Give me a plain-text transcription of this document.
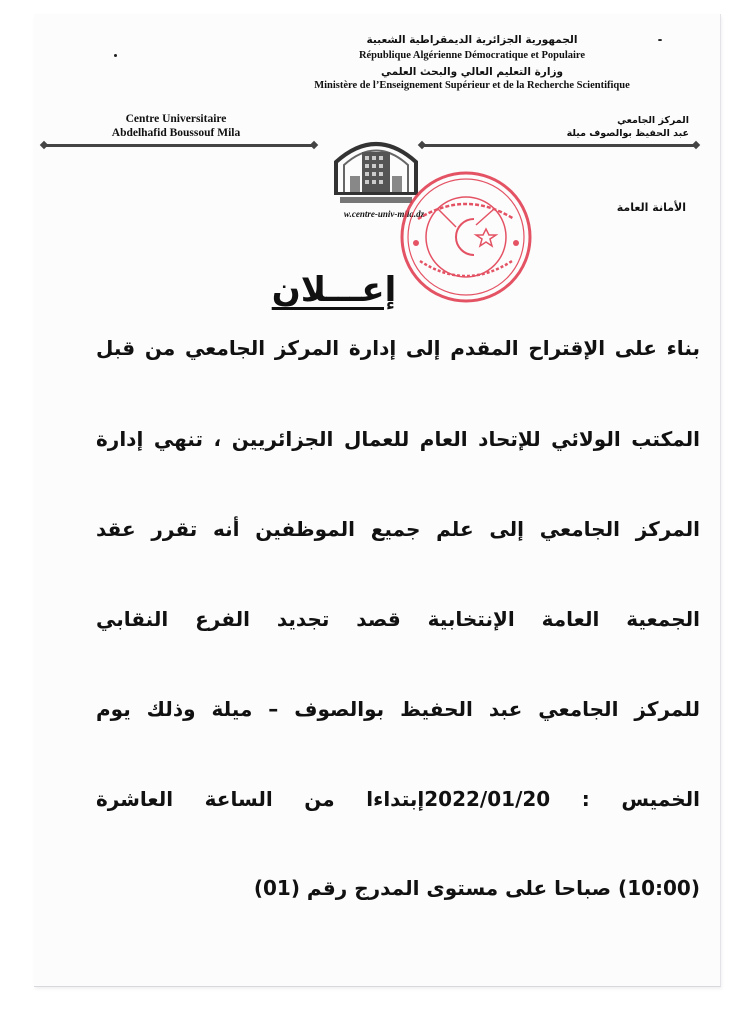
الجمهورية الجزائرية الديمقراطية الشعبية
République Algérienne Démocratique et Populaire
وزارة التعليم العالي والبحث العلمي
Ministère de l’Enseignement Supérieur et de la Recherche Scientifique
Centre Universitaire
Abdelhafid Boussouf Mila
المركز الجامعي
عبد الحفيظ بوالصوف ميلة
w.centre-univ-mila.dz	الأمانة العامة
إعـــلان
بناء على الإقتراح المقدم إلى إدارة المركز الجامعي من قبل
المكتب الولائي للإتحاد العام للعمال الجزائريين ، تنهي إدارة
المركز الجامعي إلى علم جميع الموظفين أنه تقرر عقد
الجمعية العامة الإنتخابية قصد تجديد الفرع النقابي
للمركز الجامعي عبد الحفيظ بوالصوف – ميلة وذلك يوم
الخميس : 2022/01/20إبتداءا من الساعة العاشرة
(10:00) صباحا على مستوى المدرج رقم (01)
